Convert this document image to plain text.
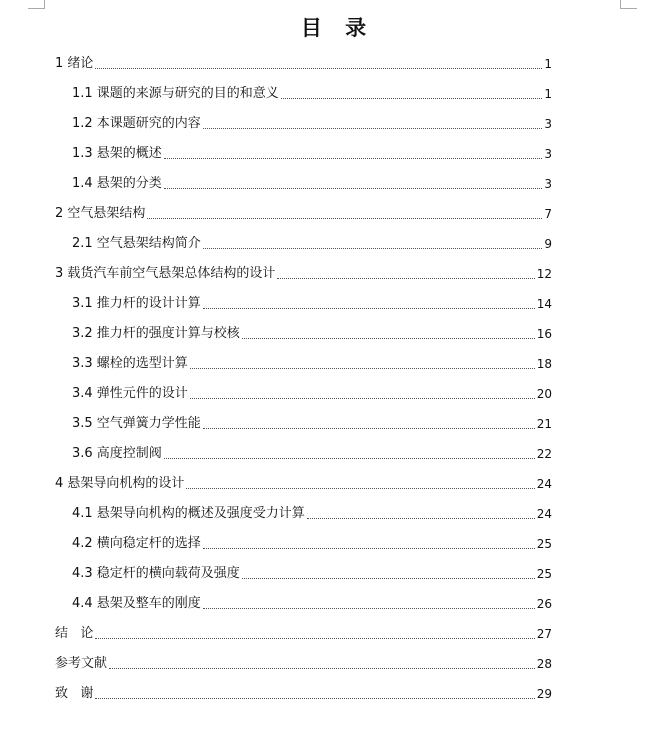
目 录
1 绪论	1
1.1 课题的来源与研究的目的和意义	1
1.2 本课题研究的内容	3
1.3 悬架的概述	3
1.4 悬架的分类	3
2 空气悬架结构	7
2.1 空气悬架结构简介	9
3 载货汽车前空气悬架总体结构的设计	12
3.1 推力杆的设计计算	14
3.2 推力杆的强度计算与校核	16
3.3 螺栓的选型计算	18
3.4 弹性元件的设计	20
3.5 空气弹簧力学性能	21
3.6 高度控制阀	22
4 悬架导向机构的设计	24
4.1 悬架导向机构的概述及强度受力计算	24
4.2 横向稳定杆的选择	25
4.3 稳定杆的横向载荷及强度	25
4.4 悬架及整车的刚度	26
结   论	27
参考文献	28
致   谢	29
